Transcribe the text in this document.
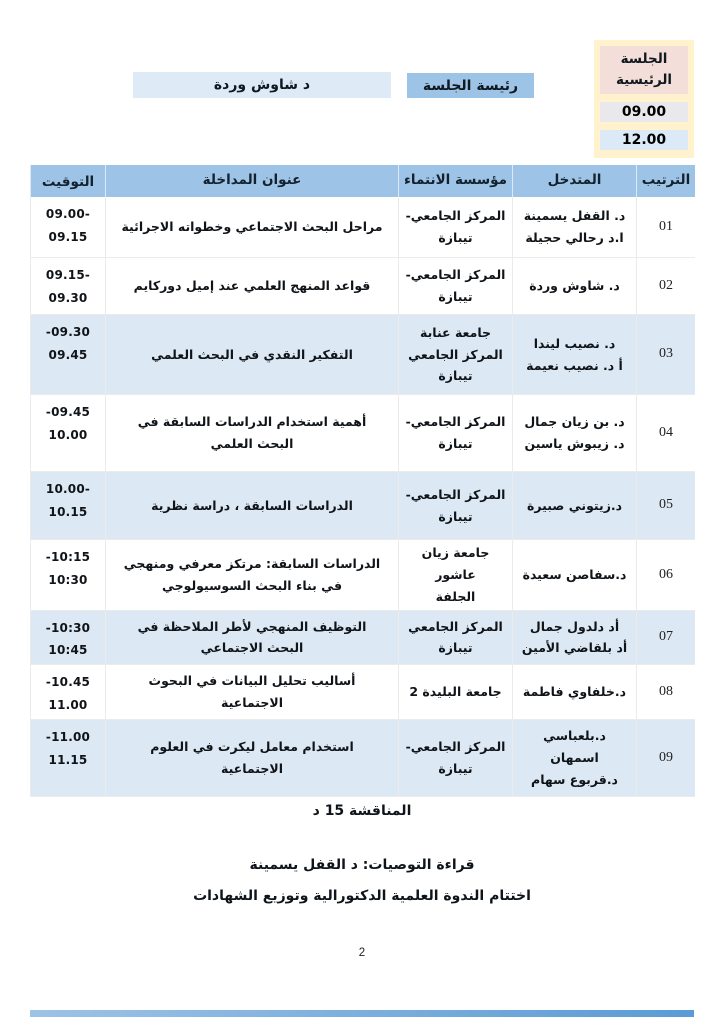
الجلسة الرئيسية
09.00
12.00
رئيسة الجلسة
د شاوش وردة
الترتيب
المتدخل
مؤسسة الانتماء
عنوان المداخلة
التوقيت
01
د. القفل يسمينة
ا.د رحالي حجيلة
المركز الجامعي-
تيبازة
مراحل البحث الاجتماعي وخطواته الاجرائية
09.00-
09.15
02
د. شاوش وردة
المركز الجامعي-
تيبازة
قواعد المنهج العلمي عند إميل دوركايم
09.15-
09.30
03
د. نصيب ليندا
أ د. نصيب نعيمة
جامعة عنابة
المركز الجامعي
تيبازة
التفكير النقدي في البحث العلمي
-09.30
09.45
04
د. بن زيان جمال
د. زيبوش ياسين
المركز الجامعي-
تيبازة
أهمية استخدام الدراسات السابقة في البحث العلمي
-09.45
10.00
05
د.زيتوني صبيرة
المركز الجامعي-
تيبازة
الدراسات السابقة ، دراسة نظرية
10.00-
10.15
06
د.سفاصن سعيدة
جامعة زيان عاشور
الجلفة
الدراسات السابقة: مرتكز معرفي ومنهجي في بناء البحث السوسيولوجي
-10:15
10:30
07
أد دلدول جمال
أد بلقاضي الأمين
المركز الجامعي
تيبازة
التوظيف المنهجي لأطر الملاحظة في البحث الاجتماعي
-10:30
10:45
08
د.خلفاوي فاطمة
جامعة البليدة 2
أساليب تحليل البيانات في البحوث الاجتماعية
-10.45
11.00
09
د.بلعباسي اسمهان
د.قربوع سهام
المركز الجامعي-
تيبازة
استخدام معامل ليكرت في العلوم الاجتماعية
-11.00
11.15
المناقشة 15 د
قراءة التوصيات: د القفل يسمينة
اختتام الندوة العلمية الدكتورالية وتوزيع الشهادات
2
